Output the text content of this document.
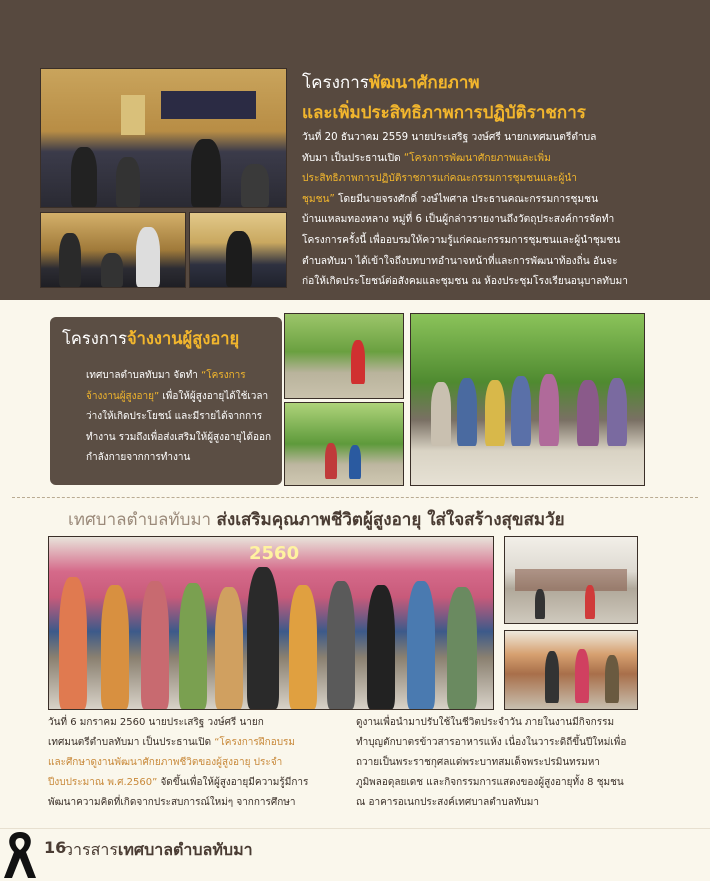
โครงการพัฒนาศักยภาพ
และเพิ่มประสิทธิภาพการปฏิบัติราชการ
วันที่ 20 ธันวาคม 2559 นายประเสริฐ วงษ์ศรี นายกเทศมนตรีตำบล
ทับมา เป็นประธานเปิด “โครงการพัฒนาศักยภาพและเพิ่ม
ประสิทธิภาพการปฏิบัติราชการแก่คณะกรรมการชุมชนและผู้นำ
ชุมชน” โดยมีนายจรงศักดิ์ วงษ์ไพศาล ประธานคณะกรรมการชุมชน
บ้านแหลมทองหลาง หมู่ที่ 6 เป็นผู้กล่าวรายงานถึงวัตถุประสงค์การจัดทำ
โครงการครั้งนี้ เพื่ออบรมให้ความรู้แก่คณะกรรมการชุมชนและผู้นำชุมชน
ตำบลทับมา ได้เข้าใจถึงบทบาทอำนาจหน้าที่และการพัฒนาท้องถิ่น อันจะ
ก่อให้เกิดประโยชน์ต่อสังคมและชุมชน ณ ห้องประชุมโรงเรียนอนุบาลทับมา
โครงการจ้างงานผู้สูงอายุ
เทศบาลตำบลทับมา จัดทำ “โครงการ
จ้างงานผู้สูงอายุ” เพื่อให้ผู้สูงอายุได้ใช้เวลา
ว่างให้เกิดประโยชน์ และมีรายได้จากการ
ทำงาน รวมถึงเพื่อส่งเสริมให้ผู้สูงอายุได้ออก
กำลังกายจากการทำงาน
เทศบาลตำบลทับมา ส่งเสริมคุณภาพชีวิตผู้สูงอายุ ใส่ใจสร้างสุขสมวัย
2560
วันที่ 6 มกราคม 2560 นายประเสริฐ วงษ์ศรี นายก
เทศมนตรีตำบลทับมา เป็นประธานเปิด “โครงการฝึกอบรม
และศึกษาดูงานพัฒนาศักยภาพชีวิตของผู้สูงอายุ ประจำ
ปีงบประมาณ พ.ศ.2560” จัดขึ้นเพื่อให้ผู้สูงอายุมีความรู้มีการ
พัฒนาความคิดที่เกิดจากประสบการณ์ใหม่ๆ จากการศึกษา
ดูงานเพื่อนำมาปรับใช้ในชีวิตประจำวัน ภายในงานมีกิจกรรม
ทำบุญตักบาตรข้าวสารอาหารแห้ง เนื่องในวาระดิถีขึ้นปีใหม่เพื่อ
ถวายเป็นพระราชกุศลแด่พระบาทสมเด็จพระปรมินทรมหา
ภูมิพลอดุลยเดช และกิจกรรมการแสดงของผู้สูงอายุทั้ง 8 ชุมชน
ณ อาคารอเนกประสงค์เทศบาลตำบลทับมา
16
วารสารเทศบาลตำบลทับมา
